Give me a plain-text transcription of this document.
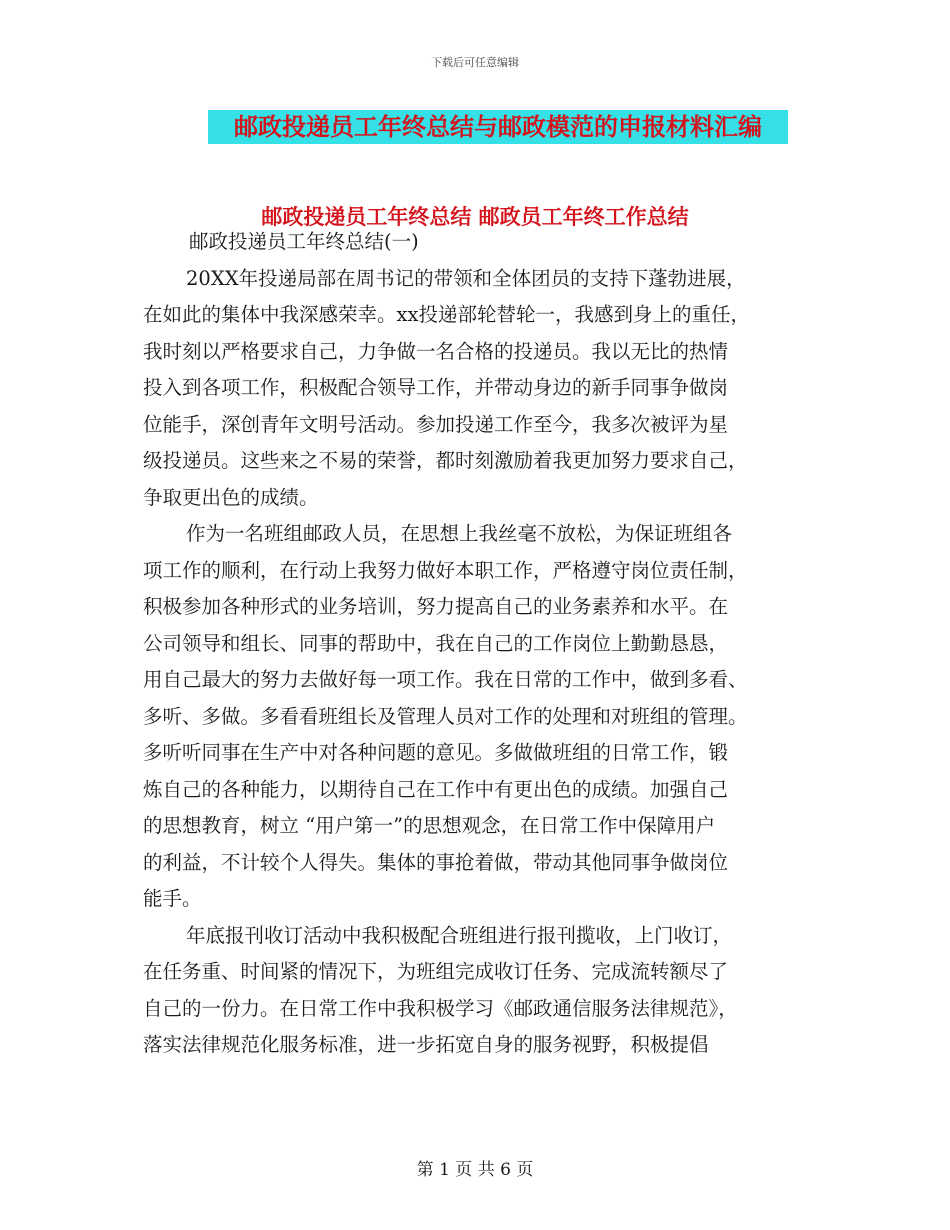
下载后可任意编辑
邮政投递员工年终总结与邮政模范的申报材料汇编
邮政投递员工年终总结 邮政员工年终工作总结

邮政投递员工年终总结(一)

20XX年投递局部在周书记的带领和全体团员的支持下蓬勃进展，
在如此的集体中我深感荣幸。xx投递部轮替轮一，我感到身上的重任，
我时刻以严格要求自己，力争做一名合格的投递员。我以无比的热情
投入到各项工作，积极配合领导工作，并带动身边的新手同事争做岗
位能手，深创青年文明号活动。参加投递工作至今，我多次被评为星
级投递员。这些来之不易的荣誉，都时刻激励着我更加努力要求自己，
争取更出色的成绩。
作为一名班组邮政人员，在思想上我丝毫不放松，为保证班组各
项工作的顺利，在行动上我努力做好本职工作，严格遵守岗位责任制，
积极参加各种形式的业务培训，努力提高自己的业务素养和水平。在
公司领导和组长、同事的帮助中，我在自己的工作岗位上勤勤恳恳，
用自己最大的努力去做好每一项工作。我在日常的工作中，做到多看、
多听、多做。多看看班组长及管理人员对工作的处理和对班组的管理。
多听听同事在生产中对各种问题的意见。多做做班组的日常工作，锻
炼自己的各种能力，以期待自己在工作中有更出色的成绩。加强自己
的思想教育，树立 “用户第一”的思想观念，在日常工作中保障用户
的利益，不计较个人得失。集体的事抢着做，带动其他同事争做岗位
能手。
年底报刊收订活动中我积极配合班组进行报刊揽收，上门收订，
在任务重、时间紧的情况下，为班组完成收订任务、完成流转额尽了
自己的一份力。在日常工作中我积极学习《邮政通信服务法律规范》，
落实法律规范化服务标准，进一步拓宽自身的服务视野，积极提倡
第 1 页 共 6 页
